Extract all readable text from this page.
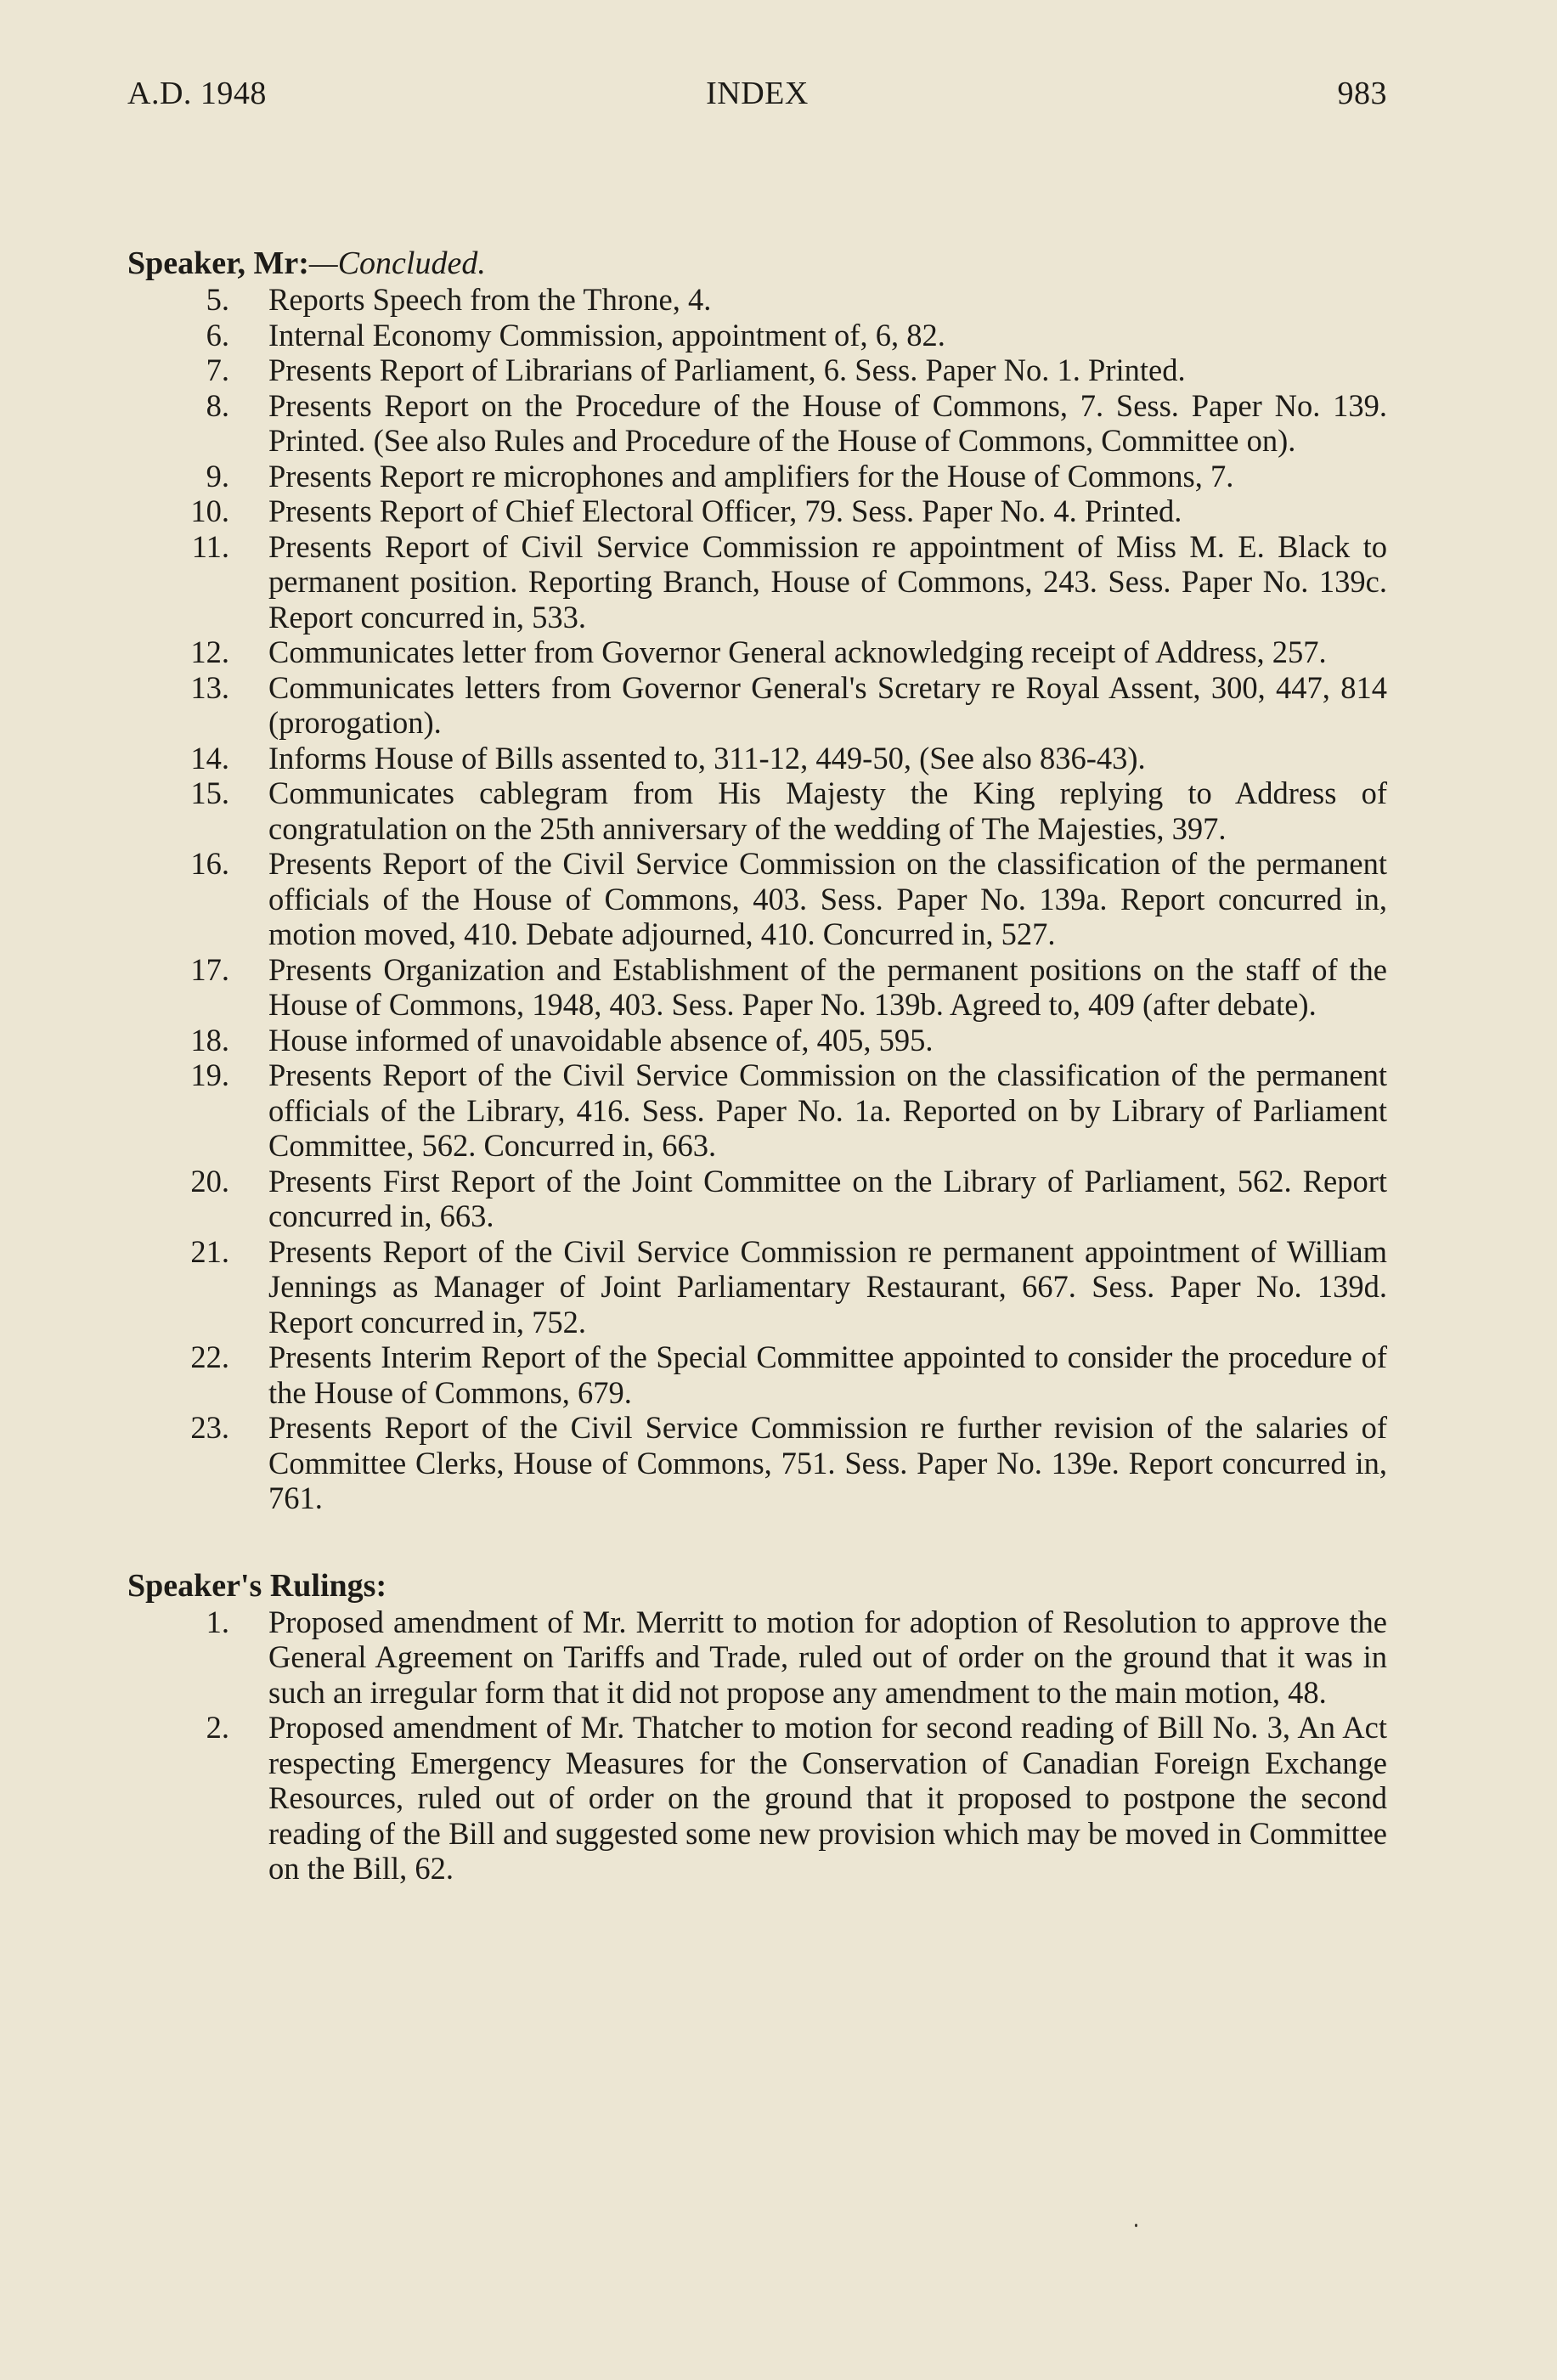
A.D. 1948	INDEX	983
Speaker, Mr:—Concluded.
5. Reports Speech from the Throne, 4.
6. Internal Economy Commission, appointment of, 6, 82.
7. Presents Report of Librarians of Parliament, 6. Sess. Paper No. 1. Printed.
8. Presents Report on the Procedure of the House of Commons, 7. Sess. Paper No. 139. Printed. (See also Rules and Procedure of the House of Commons, Committee on).
9. Presents Report re microphones and amplifiers for the House of Commons, 7.
10. Presents Report of Chief Electoral Officer, 79. Sess. Paper No. 4. Printed.
11. Presents Report of Civil Service Commission re appointment of Miss M. E. Black to permanent position. Reporting Branch, House of Commons, 243. Sess. Paper No. 139c. Report concurred in, 533.
12. Communicates letter from Governor General acknowledging receipt of Address, 257.
13. Communicates letters from Governor General's Scretary re Royal Assent, 300, 447, 814 (prorogation).
14. Informs House of Bills assented to, 311-12, 449-50, (See also 836-43).
15. Communicates cablegram from His Majesty the King replying to Address of congratulation on the 25th anniversary of the wedding of The Majesties, 397.
16. Presents Report of the Civil Service Commission on the classification of the permanent officials of the House of Commons, 403. Sess. Paper No. 139a. Report concurred in, motion moved, 410. Debate adjourned, 410. Concurred in, 527.
17. Presents Organization and Establishment of the permanent positions on the staff of the House of Commons, 1948, 403. Sess. Paper No. 139b. Agreed to, 409 (after debate).
18. House informed of unavoidable absence of, 405, 595.
19. Presents Report of the Civil Service Commission on the classification of the permanent officials of the Library, 416. Sess. Paper No. 1a. Reported on by Library of Parliament Committee, 562. Concurred in, 663.
20. Presents First Report of the Joint Committee on the Library of Parliament, 562. Report concurred in, 663.
21. Presents Report of the Civil Service Commission re permanent appointment of William Jennings as Manager of Joint Parliamentary Restaurant, 667. Sess. Paper No. 139d. Report concurred in, 752.
22. Presents Interim Report of the Special Committee appointed to consider the procedure of the House of Commons, 679.
23. Presents Report of the Civil Service Commission re further revision of the salaries of Committee Clerks, House of Commons, 751. Sess. Paper No. 139e. Report concurred in, 761.
Speaker's Rulings:
1. Proposed amendment of Mr. Merritt to motion for adoption of Resolution to approve the General Agreement on Tariffs and Trade, ruled out of order on the ground that it was in such an irregular form that it did not propose any amendment to the main motion, 48.
2. Proposed amendment of Mr. Thatcher to motion for second reading of Bill No. 3, An Act respecting Emergency Measures for the Conservation of Canadian Foreign Exchange Resources, ruled out of order on the ground that it proposed to postpone the second reading of the Bill and suggested some new provision which may be moved in Committee on the Bill, 62.
